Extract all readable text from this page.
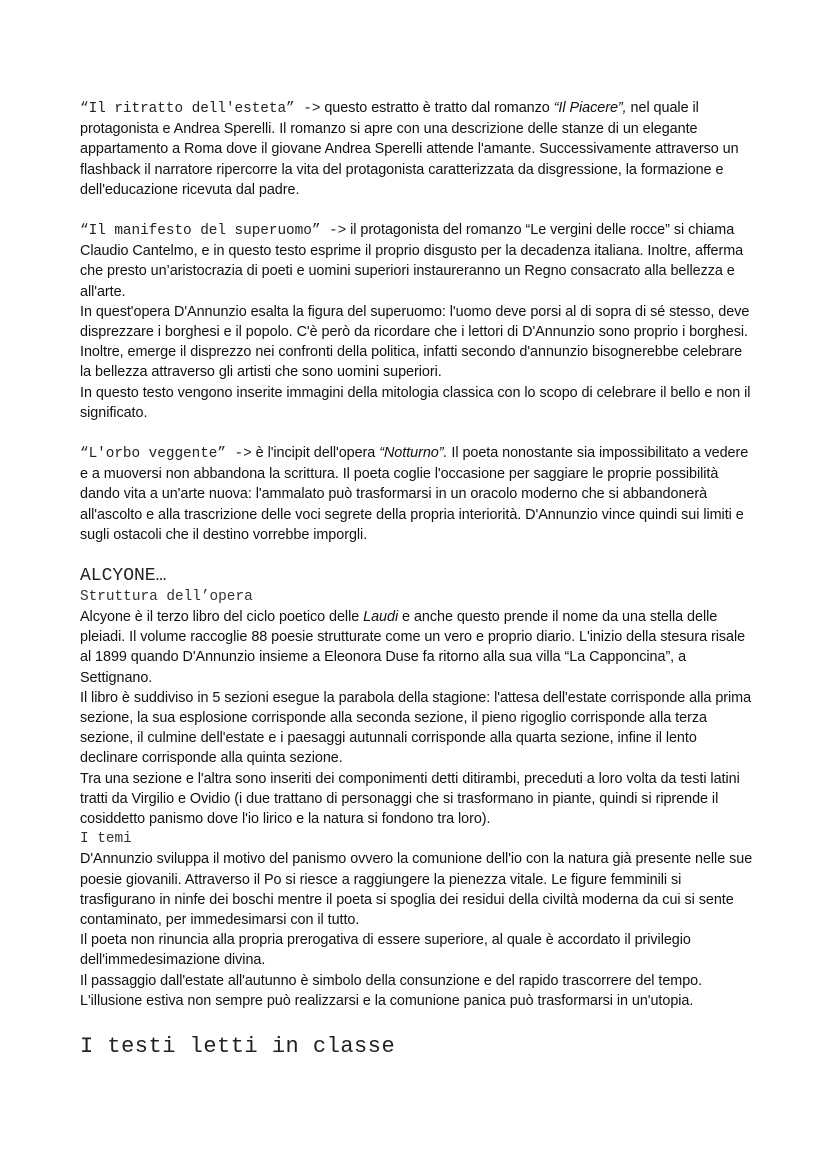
“Il ritratto dell'esteta” -> questo estratto è tratto dal romanzo “Il Piacere”, nel quale il protagonista e Andrea Sperelli. Il romanzo si apre con una descrizione delle stanze di un elegante appartamento a Roma dove il giovane Andrea Sperelli attende l'amante. Successivamente attraverso un flashback il narratore ripercorre la vita del protagonista caratterizzata da disgressione, la formazione e dell'educazione ricevuta dal padre.

“Il manifesto del superuomo” -> il protagonista del romanzo “Le vergini delle rocce” si chiama Claudio Cantelmo, e in questo testo esprime il proprio disgusto per la decadenza italiana. Inoltre, afferma che presto un’aristocrazia di poeti e uomini superiori instaureranno un Regno consacrato alla bellezza e all'arte.

In quest'opera D'Annunzio esalta la figura del superuomo: l'uomo deve porsi al di sopra di sé stesso, deve disprezzare i borghesi e il popolo. C'è però da ricordare che i lettori di D'Annunzio sono proprio i borghesi. Inoltre, emerge il disprezzo nei confronti della politica, infatti secondo d'annunzio bisognerebbe celebrare la bellezza attraverso gli artisti che sono uomini superiori.

In questo testo vengono inserite immagini della mitologia classica con lo scopo di celebrare il bello e non il significato.

“L'orbo veggente” -> è l'incipit dell'opera “Notturno”. Il poeta nonostante sia impossibilitato a vedere e a muoversi non abbandona la scrittura. Il poeta coglie l'occasione per saggiare le proprie possibilità dando vita a un'arte nuova: l'ammalato può trasformarsi in un oracolo moderno che si abbandonerà all'ascolto e alla trascrizione delle voci segrete della propria interiorità. D'Annunzio vince quindi sui limiti e sugli ostacoli che il destino vorrebbe imporgli.

ALCYONE…
Struttura dell’opera

Alcyone è il terzo libro del ciclo poetico delle Laudi e anche questo prende il nome da una stella delle pleiadi. Il volume raccoglie 88 poesie strutturate come un vero e proprio diario. L'inizio della stesura risale al 1899 quando D'Annunzio insieme a Eleonora Duse fa ritorno alla sua villa “La Capponcina”, a Settignano.

Il libro è suddiviso in 5 sezioni esegue la parabola della stagione: l'attesa dell'estate corrisponde alla prima sezione, la sua esplosione corrisponde alla seconda sezione, il pieno rigoglio corrisponde alla terza sezione, il culmine dell'estate e i paesaggi autunnali corrisponde alla quarta sezione, infine il lento declinare corrisponde alla quinta sezione.

Tra una sezione e l'altra sono inseriti dei componimenti detti ditirambi, preceduti a loro volta da testi latini tratti da Virgilio e Ovidio (i due trattano di personaggi che si trasformano in piante, quindi si riprende il cosiddetto panismo dove l'io lirico e la natura si fondono tra loro).

I temi

D'Annunzio sviluppa il motivo del panismo ovvero la comunione dell'io con la natura già presente nelle sue poesie giovanili. Attraverso il Po si riesce a raggiungere la pienezza vitale. Le figure femminili si trasfigurano in ninfe dei boschi mentre il poeta si spoglia dei residui della civiltà moderna da cui si sente contaminato, per immedesimarsi con il tutto.

Il poeta non rinuncia alla propria prerogativa di essere superiore, al quale è accordato il privilegio dell'immedesimazione divina.

Il passaggio dall'estate all'autunno è simbolo della consunzione e del rapido trascorrere del tempo. L'illusione estiva non sempre può realizzarsi e la comunione panica può trasformarsi in un'utopia.

I testi letti in classe
